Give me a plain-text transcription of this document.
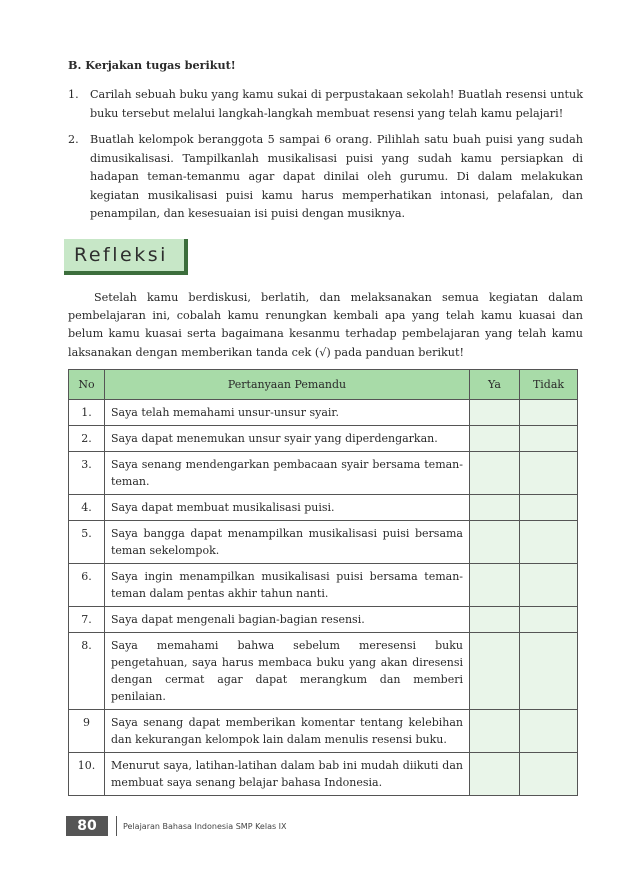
B. Kerjakan tugas berikut!
1.	Carilah sebuah buku yang kamu sukai di perpustakaan sekolah! Buatlah resensi untuk buku tersebut melalui langkah-langkah membuat resensi yang telah kamu pelajari!
2.	Buatlah kelompok beranggota 5 sampai 6 orang. Pilihlah satu buah puisi yang sudah dimusikalisasi. Tampilkanlah musikalisasi puisi yang sudah kamu persiapkan di hadapan teman-temanmu agar dapat dinilai oleh gurumu. Di dalam melakukan kegiatan musikalisasi puisi kamu harus memperhatikan intonasi, pelafalan, dan penampilan, dan kesesuaian isi puisi dengan musiknya.
Refleksi
Setelah kamu berdiskusi, berlatih, dan melaksanakan semua kegiatan dalam pembelajaran ini, cobalah kamu renungkan kembali apa yang telah kamu kuasai dan belum kamu kuasai serta bagaimana kesanmu terhadap pembelajaran yang telah kamu laksanakan dengan memberikan tanda cek (√) pada panduan berikut!
No	Pertanyaan Pemandu	Ya	Tidak
1.	Saya telah memahami unsur-unsur syair.		
2.	Saya dapat menemukan unsur syair yang diperdengarkan.		
3.	Saya senang mendengarkan pembacaan syair bersama teman-teman.		
4.	Saya dapat membuat musikalisasi puisi.		
5.	Saya bangga dapat menampilkan musikalisasi puisi bersama teman sekelompok.		
6.	Saya ingin menampilkan musikalisasi puisi bersama teman-teman dalam pentas akhir tahun nanti.		
7.	Saya dapat mengenali bagian-bagian resensi.		
8.	Saya memahami bahwa sebelum meresensi buku pengetahuan, saya harus membaca buku yang akan diresensi dengan cermat agar dapat merangkum dan memberi penilaian.		
9	Saya senang dapat memberikan komentar tentang kelebihan dan kekurangan kelompok lain dalam menulis resensi buku.		
10.	Menurut saya, latihan-latihan dalam bab ini mudah diikuti dan membuat saya senang belajar bahasa Indonesia.		
80	Pelajaran Bahasa Indonesia SMP Kelas IX
